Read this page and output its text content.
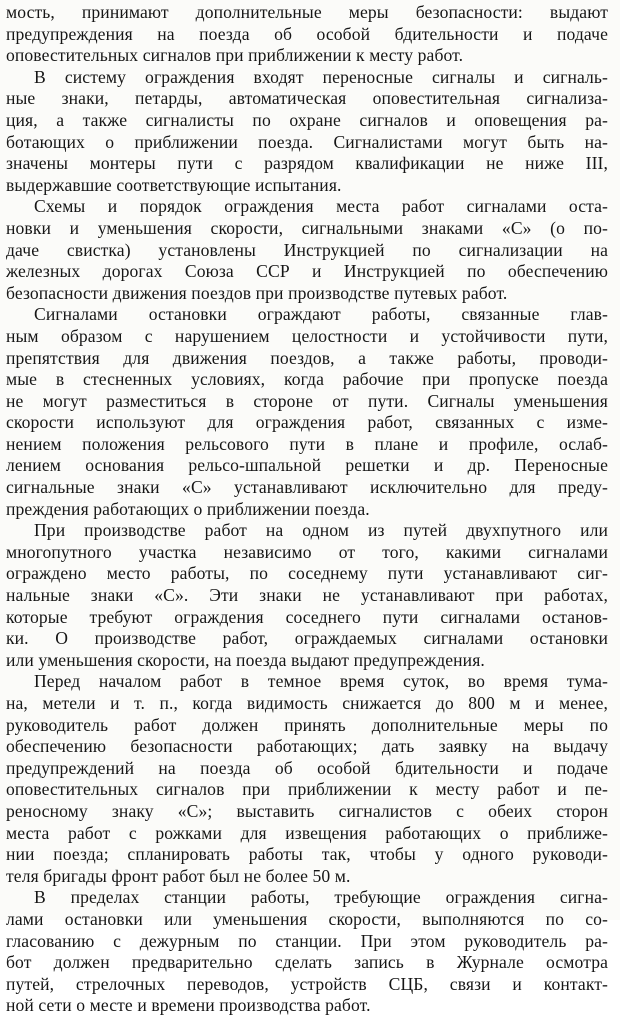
мость, принимают дополнительные меры безопасности: выдают
предупреждения на поезда об особой бдительности и подаче
оповестительных сигналов при приближении к месту работ.
В систему ограждения входят переносные сигналы и сигналь-
ные знаки, петарды, автоматическая оповестительная сигнализа-
ция, а также сигналисты по охране сигналов и оповещения ра-
ботающих о приближении поезда. Сигналистами могут быть на-
значены монтеры пути с разрядом квалификации не ниже III,
выдержавшие соответствующие испытания.
Схемы и порядок ограждения места работ сигналами оста-
новки и уменьшения скорости, сигнальными знаками «С» (о по-
даче свистка) установлены Инструкцией по сигнализации на
железных дорогах Союза ССР и Инструкцией по обеспечению
безопасности движения поездов при производстве путевых работ.
Сигналами остановки ограждают работы, связанные глав-
ным образом с нарушением целостности и устойчивости пути,
препятствия для движения поездов, а также работы, проводи-
мые в стесненных условиях, когда рабочие при пропуске поезда
не могут разместиться в стороне от пути. Сигналы уменьшения
скорости используют для ограждения работ, связанных с изме-
нением положения рельсового пути в плане и профиле, ослаб-
лением основания рельсо-шпальной решетки и др. Переносные
сигнальные знаки «С» устанавливают исключительно для преду-
преждения работающих о приближении поезда.
При производстве работ на одном из путей двухпутного или
многопутного участка независимо от того, какими сигналами
ограждено место работы, по соседнему пути устанавливают сиг-
нальные знаки «С». Эти знаки не устанавливают при работах,
которые требуют ограждения соседнего пути сигналами останов-
ки. О производстве работ, ограждаемых сигналами остановки
или уменьшения скорости, на поезда выдают предупреждения.
Перед началом работ в темное время суток, во время тума-
на, метели и т. п., когда видимость снижается до 800 м и менее,
руководитель работ должен принять дополнительные меры по
обеспечению безопасности работающих; дать заявку на выдачу
предупреждений на поезда об особой бдительности и подаче
оповестительных сигналов при приближении к месту работ и пе-
реносному знаку «С»; выставить сигналистов с обеих сторон
места работ с рожками для извещения работающих о приближе-
нии поезда; спланировать работы так, чтобы у одного руководи-
теля бригады фронт работ был не более 50 м.
В пределах станции работы, требующие ограждения сигна-
лами остановки или уменьшения скорости, выполняются по со-
гласованию с дежурным по станции. При этом руководитель ра-
бот должен предварительно сделать запись в Журнале осмотра
путей, стрелочных переводов, устройств СЦБ, связи и контакт-
ной сети о месте и времени производства работ.
